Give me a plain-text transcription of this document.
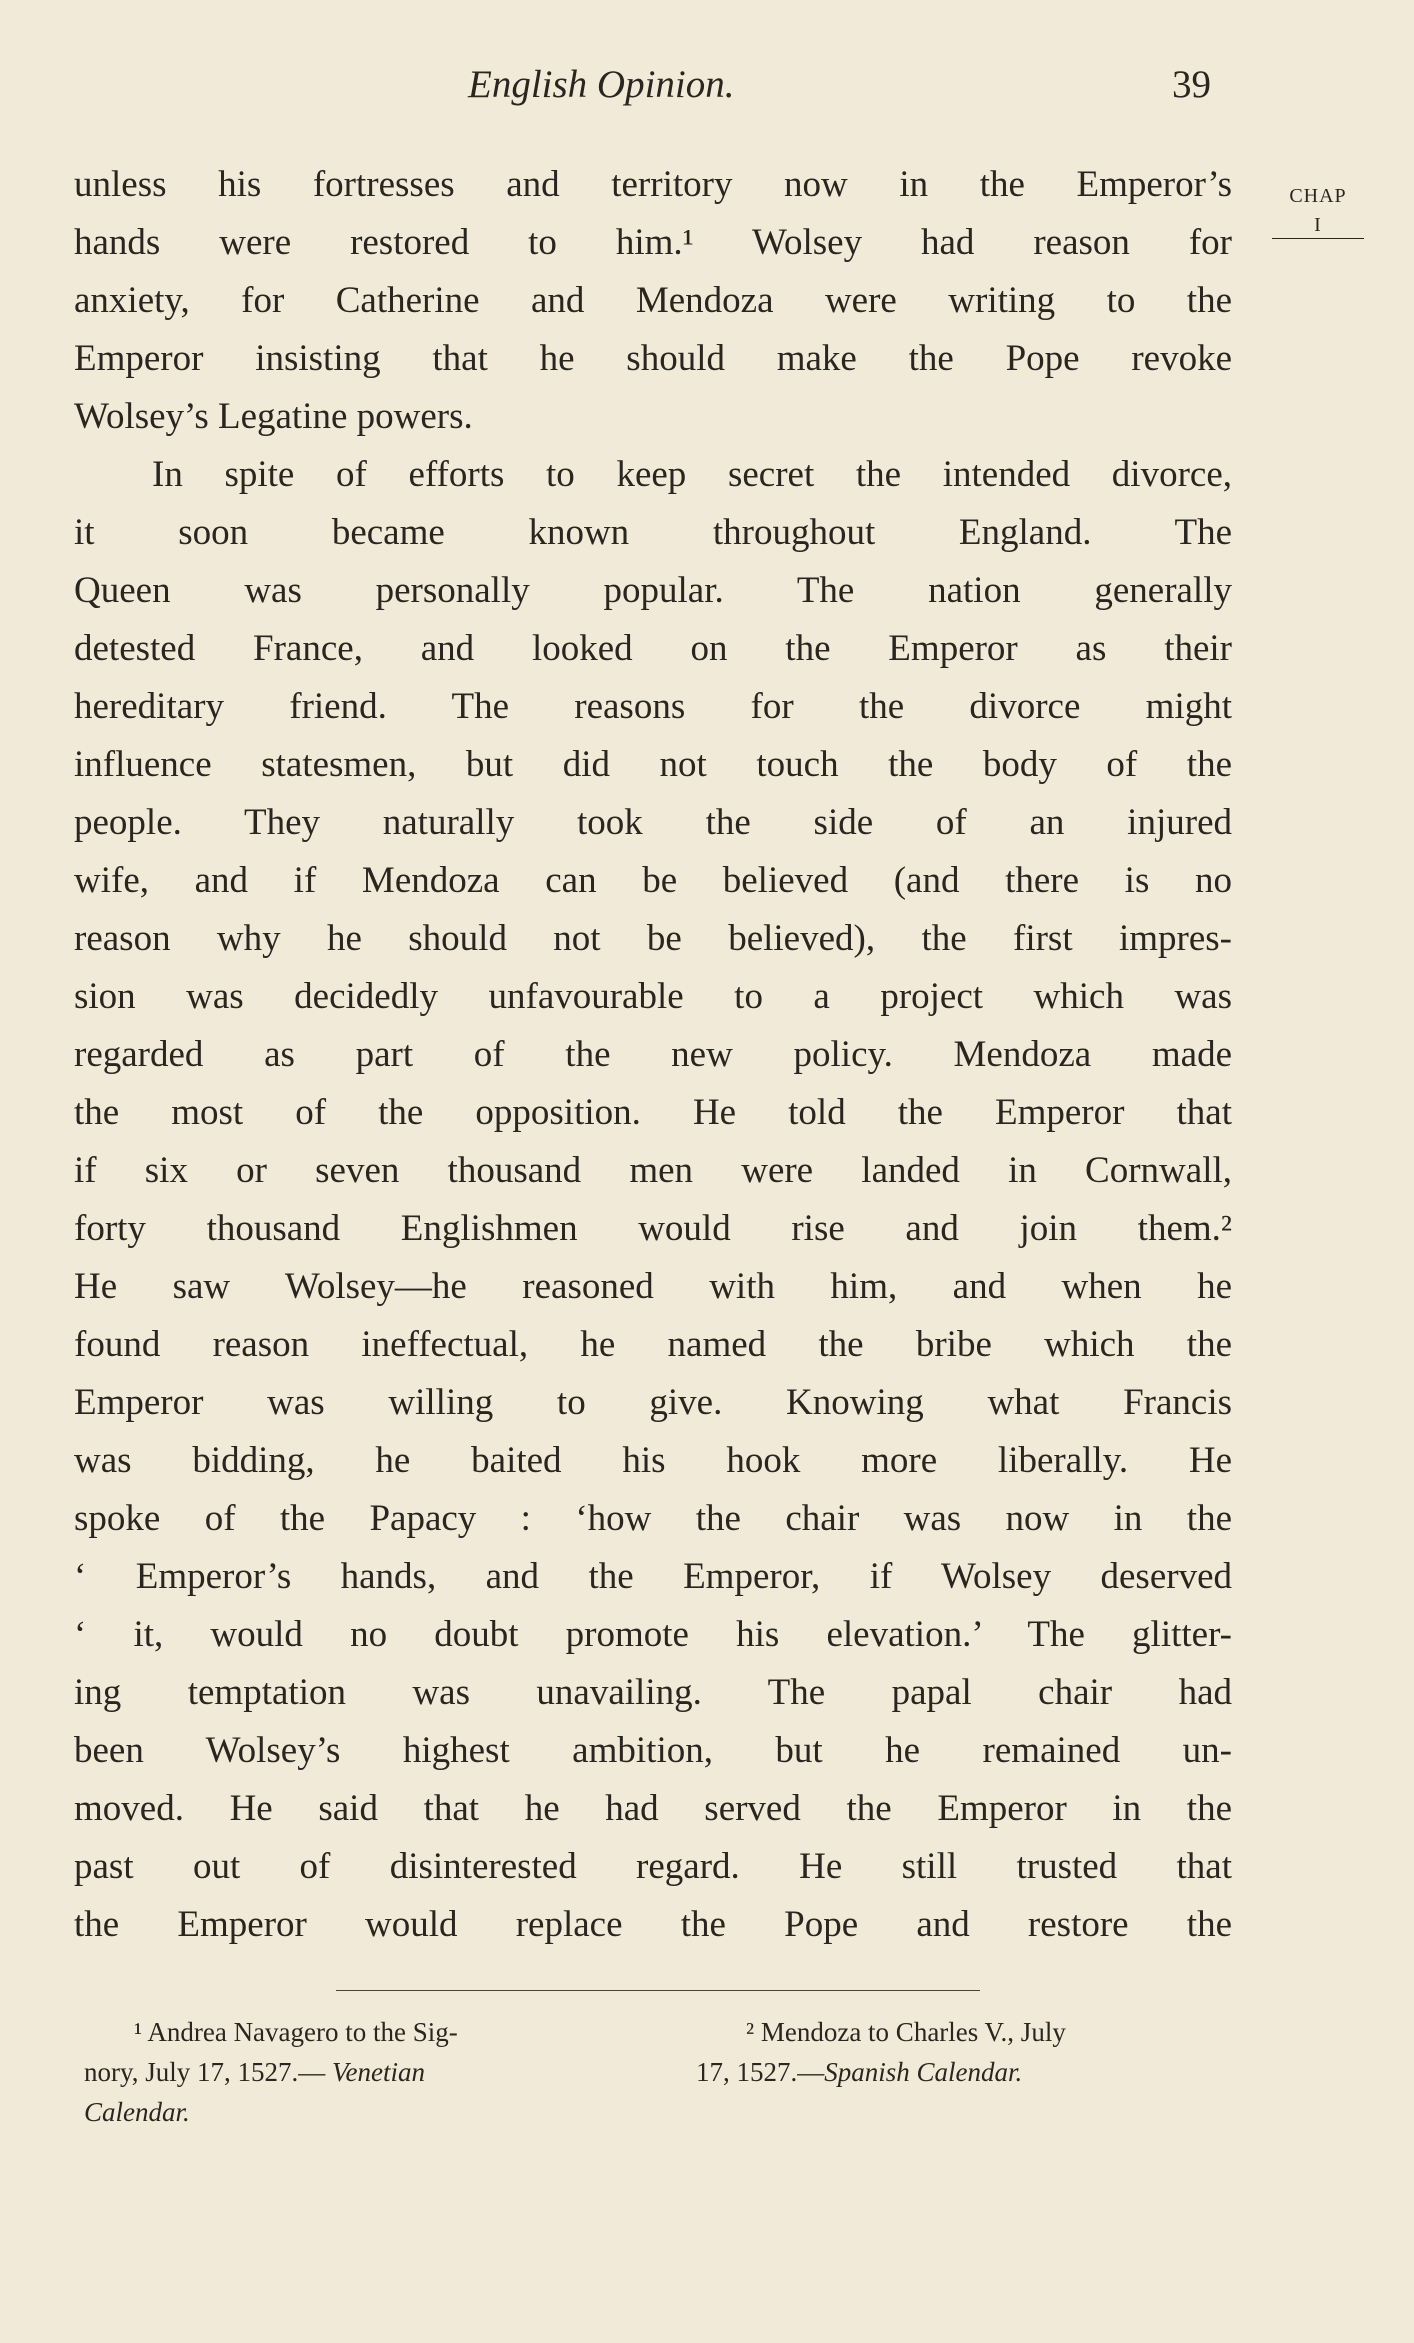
English Opinion.	39
CHAP
I
unless his fortresses and territory now in the Emperor’s
hands were restored to him.¹ Wolsey had reason for
anxiety, for Catherine and Mendoza were writing to the
Emperor insisting that he should make the Pope revoke
Wolsey’s Legatine powers.
In spite of efforts to keep secret the intended divorce,
it soon became known throughout England. The
Queen was personally popular. The nation generally
detested France, and looked on the Emperor as their
hereditary friend. The reasons for the divorce might
influence statesmen, but did not touch the body of the
people. They naturally took the side of an injured
wife, and if Mendoza can be believed (and there is no
reason why he should not be believed), the first impres-
sion was decidedly unfavourable to a project which was
regarded as part of the new policy. Mendoza made
the most of the opposition. He told the Emperor that
if six or seven thousand men were landed in Cornwall,
forty thousand Englishmen would rise and join them.²
He saw Wolsey—he reasoned with him, and when he
found reason ineffectual, he named the bribe which the
Emperor was willing to give. Knowing what Francis
was bidding, he baited his hook more liberally. He
spoke of the Papacy : ‘how the chair was now in the
‘ Emperor’s hands, and the Emperor, if Wolsey deserved
‘ it, would no doubt promote his elevation.’ The glitter-
ing temptation was unavailing. The papal chair had
been Wolsey’s highest ambition, but he remained un-
moved. He said that he had served the Emperor in the
past out of disinterested regard. He still trusted that
the Emperor would replace the Pope and restore the
¹ Andrea Navagero to the Sig-
nory, July 17, 1527.— Venetian
Calendar.
² Mendoza to Charles V., July
17, 1527.—Spanish Calendar.
